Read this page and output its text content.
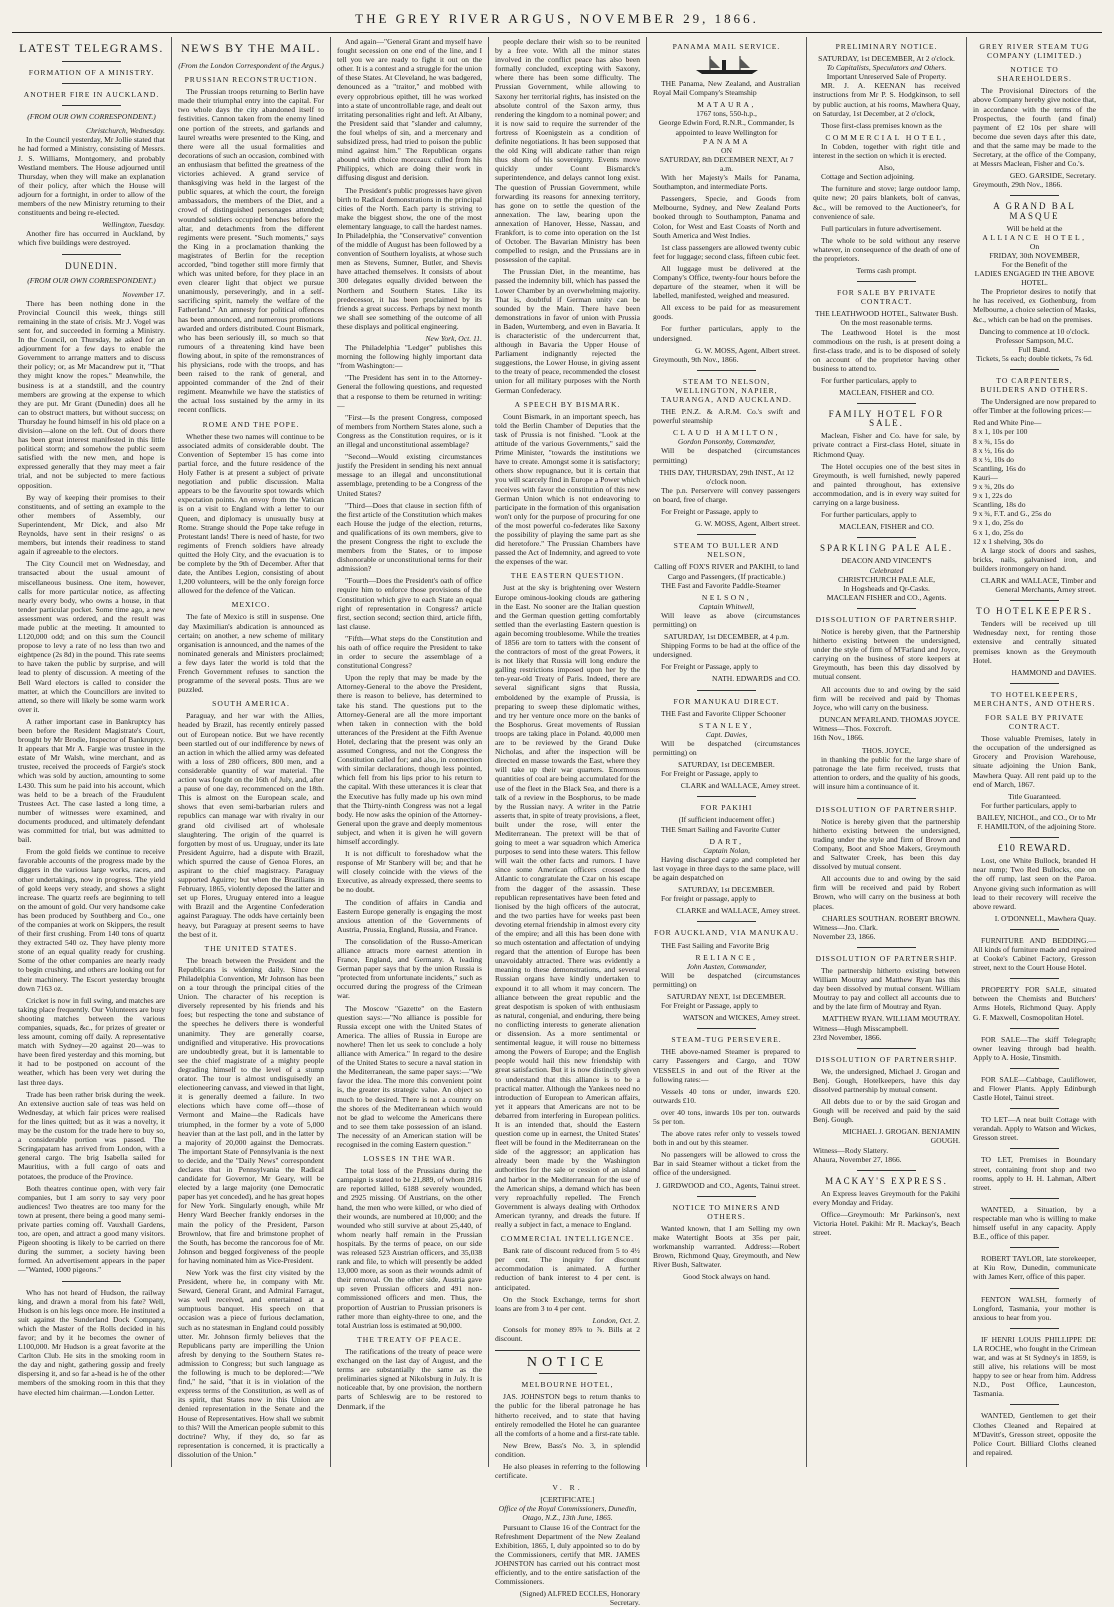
THE GREY RIVER ARGUS, NOVEMBER 29, 1866.
LATEST TELEGRAMS.
FORMATION OF A MINISTRY.
ANOTHER FIRE IN AUCKLAND.
(FROM OUR OWN CORRESPONDENT.)
Christchurch, Wednesday.

In the Council yesterday, Mr Jollie stated that he had formed a Ministry, consisting of Messrs. J. S. Williams, Montgomery, and probably Westland members. The House adjourned until Thursday, when they will make an explanation of their policy, after which the House will adjourn for a fortnight, in order to allow of the members of the new Ministry returning to their constituents and being re-elected.

Wellington, Tuesday.

Another fire has occurred in Auckland, by which five buildings were destroyed.

DUNEDIN.
(FROM OUR OWN CORRESPONDENT.)
November 17.

There has been nothing done in the Provincial Council this week, things still remaining in the state of crisis. Mr J. Vogel was sent for, and succeeded in forming a Ministry. In the Council, on Thursday, he asked for an adjournment for a few days to enable the Government to arrange matters and to discuss their policy; or, as Mr Macandrew put it, "That they might know the ropes." Meanwhile, the business is at a standstill, and the country members are growing at the expense to which they are put. Mr Grant (Dunedin) does all he can to obstruct matters, but without success; on Thursday he found himself in his old place on a division—alone on the left. Out of doors there has been great interest manifested in this little political storm; and somehow the public seem satisfied with the new men, and hope is expressed generally that they may meet a fair trial, and not be subjected to mere factious opposition.

By way of keeping their promises to their constituents, and of setting an example to the other members of Assembly, our Superintendent, Mr Dick, and also Mr Reynolds, have sent in their resigns' o as members, but intends their readiness to stand again if agreeable to the electors.

The City Council met on Wednesday, and transacted about the usual amount of miscellaneous business. One item, however, calls for more particular notice, as affecting nearly every body, who owns a house, in that tender particular pocket. Some time ago, a new assessment was ordered, and the result was made public at the meeting. It amounted to L120,000 odd; and on this sum the Council propose to levy a rate of no less than two and eightpence (2s 8d) in the pound. This rate seems to have taken the public by surprise, and will lead to plenty of discussion. A meeting of the Bell Ward electors is called to consider the matter, at which the Councillors are invited to attend, so there will likely be some warm work over it.

A rather important case in Bankruptcy has been before the Resident Magistrate's Court, brought by Mr Brodie, Inspector of Bankruptcy. It appears that Mr A. Fargie was trustee in the estate of Mr Walsh, wine merchant, and as trustee, received the proceeds of Fargie's stock which was sold by auction, amounting to some L430. This sum he paid into his account, which was held to be a breach of the Fraudulent Trustees Act. The case lasted a long time, a number of witnesses were examined, and documents produced, and ultimately defendant was committed for trial, but was admitted to bail.

From the gold fields we continue to receive favorable accounts of the progress made by the diggers in the various large works, races, and other undertakings, now in progress. The yield of gold keeps very steady, and shows a slight increase. The quartz reefs are beginning to tell on the amount of gold. Our very handsome cake has been produced by Southberg and Co., one of the companies at work on Skippers, the result of their first crushing. From 140 tons of quartz they extracted 540 oz. They have plenty more stone of an equal quality ready for crushing. Some of the other companies are nearly ready to begin crushing, and others are looking out for their machinery. The Escort yesterday brought down 7163 oz.

Cricket is now in full swing, and matches are taking place frequently. Our Volunteers are busy shooting matches between the various companies, squads, &c., for prizes of greater or less amount, coming off daily. A representative match with Sydney—20 against 20—was to have been fired yesterday and this morning, but it had to be postponed on account of the weather, which has been very wet during the last three days.

Trade has been rather brisk during the week. An extensive auction sale of teas was held on Wednesday, at which fair prices were realised for the lines quitted; but as it was a novelty, it may be the custom for the trade here to buy so, a considerable portion was passed. The Scringapatam has arrived from London, with a general cargo. The brig Isabella sailed for Mauritius, with a full cargo of oats and potatoes, the produce of the Province.

Both theatres continue open, with very fair companies, but I am sorry to say very poor audiences! Two theatres are too many for the town at present, there being a good many semi-private parties coming off. Vauxhall Gardens, too, are open, and attract a good many visitors. Pigeon shooting is likely to be carried on there during the summer, a society having been formed. An advertisement appears in the paper—"Wanted, 1000 pigeons."

Who has not heard of Hudson, the railway king, and drawn a moral from his fate? Well, Hudson is on his legs once more. He instituted a suit against the Sunderland Dock Company, which the Master of the Rolls decided in his favor; and by it he becomes the owner of L100,000. Mr Hudson is a great favorite at the Carlton Club. He sits in the smoking room in the day and night, gathering gossip and freely dispersing it, and so far a-head is he of the other members of the smoking room in this that they have elected him chairman.—London Letter.

NEWS BY THE MAIL.
(From the London Correspondent of the Argus.)
PRUSSIAN RECONSTRUCTION.

The Prussian troops returning to Berlin have made their triumphal entry into the capital. For two whole days the city abandoned itself to festivities. Cannon taken from the enemy lined one portion of the streets, and garlands and laurel wreaths were presented to the King, and there were all the usual formalities and decorations of such an occasion, combined with an enthusiasm that befitted the greatness of the victories achieved. A grand service of thanksgiving was held in the largest of the public squares, at which the court, the foreign ambassadors, the members of the Diet, and a crowd of distinguished personages attended; wounded soldiers occupied benches before the altar, and detachments from the different regiments were present. "Such moments," says the King in a proclamation thanking the magistrates of Berlin for the reception accorded, "bind together still more firmly that which was united before, for they place in an even clearer light that object we pursue unanimously, perseveringly, and in a self-sacrificing spirit, namely the welfare of the Fatherland." An amnesty for political offences has been announced, and numerous promotions awarded and orders distributed. Count Bismark, who has been seriously ill, so much so that rumours of a threatening kind have been flowing about, in spite of the remonstrances of his physicians, rode with the troops, and has been raised to the rank of general, and appointed commander of the 2nd of their regiment. Meanwhile we have the statistics of the actual loss sustained by the army in its recent conflicts.

ROME AND THE POPE.

Whether these two names will continue to be associated admits of considerable doubt. The Convention of September 15 has come into partial force, and the future residence of the Holy Father is at present a subject of private negotiation and public discussion. Malta appears to be the favourite spot towards which expectation points. An envoy from the Vatican is on a visit to England with a letter to our Queen, and diplomacy is unusually busy at Rome. Strange should the Pope take refuge in Protestant lands! There is need of haste, for two regiments of French soldiers have already quitted the Holy City, and the evacuation is to be complete by the 9th of December. After that date, the Antibes Legion, consisting of about 1,200 volunteers, will be the only foreign force allowed for the defence of the Vatican.

MEXICO.

The fate of Mexico is still in suspense. One day Maximilian's abdication is announced as certain; on another, a new scheme of military organisation is announced, and the names of the nominated generals and Ministers proclaimed; a few days later the world is told that the French Government refuses to sanction the programme of the several posts. Thus are we puzzled.

SOUTH AMERICA.

Paraguay, and her war with the Allies, headed by Brazil, has recently entirely passed out of European notice. But we have recently been startled out of our indifference by news of an action in which the allied army was defeated with a loss of 280 officers, 800 men, and a considerable quantity of war material. The action was fought on the 16th of July, and, after a pause of one day, recommenced on the 18th. This is almost on the European scale, and shows that even semi-barbarian rulers and republics can manage war with rivalry in our grand old civilised art of wholesale slaughtering. The origin of the quarrel is forgotten by most of us. Uruguay, under its late President Aguirre, had a dispute with Brazil, which spurred the cause of Genoa Flores, an aspirant to the chief magistracy. Paraguay supported Aguirre; but when the Brazilians in February, 1865, violently deposed the latter and set up Flores, Uruguay entered into a league with Brazil and the Argentine Confederation against Paraguay. The odds have certainly been heavy, but Paraguay at present seems to have the best of it.

THE UNITED STATES.

The breach between the President and the Republicans is widening daily. Since the Philadelphia Convention, Mr Johnson has been on a tour through the principal cities of the Union. The character of his reception is diversely represented by his friends and his foes; but respecting the tone and substance of the speeches he delivers there is wonderful unanimity. They are generally coarse, undignified and vituperative. His provocations are undoubtedly great, but it is lamentable to see the chief magistrate of a mighty people degrading himself to the level of a stump orator. The tour is almost undisguisedly an electioneering canvass, and viewed in that light, it is generally deemed a failure. In two elections which have come off—those of Vermont and Maine—the Radicals have triumphed, in the former by a vote of 5,000 heavier than at the last poll, and in the latter by a majority of 20,000 against the Democrats. The important State of Pennsylvania is the next to decide, and the "Daily News" correspondent declares that in Pennsylvania the Radical candidate for Governor, Mr Geary, will be elected by a large majority (one Democratic paper has yet conceded), and he has great hopes for New York. Singularly enough, while Mr Henry Ward Beecher frankly endorses in the main the policy of the President, Parson Brownlow, that fire and brimstone prophet of the South, has become the rancorous foe of Mr. Johnson and begged forgiveness of the people for having nominated him as Vice-President.

New York was the first city visited by the President, where he, in company with Mr. Seward, General Grant, and Admiral Farragut, was well received, and entertained at a sumptuous banquet. His speech on that occasion was a piece of furious declamation, such as no statesman in England could possibly utter. Mr. Johnson firmly believes that the Republicans party are imperilling the Union afresh by denying to the Southern States re-admission to Congress; but such language as the following is much to be deplored:—"We find," he said, "that it is in violation of the express terms of the Constitution, as well as of its spirit, that States now in this Union are denied representation in the Senate and the House of Representatives. How shall we submit to this? Will the American people submit to this doctrine? Why, if they do, so far as representation is concerned, it is practically a dissolution of the Union."

And again—"General Grant and myself have fought secession on one end of the line, and I tell you we are ready to fight it out on the other. It is a contest and a struggle for the union of these States. At Cleveland, he was badgered, denounced as a "traitor," and mobbed with every opprobrious epithet, till he was worked into a state of uncontrollable rage, and dealt out irritating personalities right and left. At Albany, the President said that "slander and calumny, the foul whelps of sin, and a mercenary and subsidized press, had tried to poison the public mind against him." The Republican organs abound with choice morceaux culled from his Philippics, which are doing their work in diffusing disgust and derision.

The President's public progresses have given birth to Radical demonstrations in the principal cities of the North. Each party is striving to make the biggest show, the one of the most elementary language, to call the hardest names. In Philadelphia, the "Conservative" convention of the middle of August has been followed by a convention of Southern loyalists, at whose such men as Stevens, Sumner, Butler, and Shevis have attached themselves. It consists of about 300 delegates equally divided between the Northern and Southern States. Like its predecessor, it has been proclaimed by its friends a great success. Perhaps by next month we shall see something of the outcome of all these displays and political engineering.

New York, Oct. 11.

The Philadelphia "Ledger" publishes this morning the following highly important data "from Washington:—

"The President has sent in to the Attorney-General the following questions, and requested that a response to them be returned in writing:—

"First—Is the present Congress, composed of members from Northern States alone, such a Congress as the Constitution requires, or is it an illegal and unconstitutional assemblage?

"Second—Would existing circumstances justify the President in sending his next annual message to an illegal and unconstitutional assemblage, pretending to be a Congress of the United States?

"Third—Does that clause in section fifth of the first article of the Constitution which makes each House the judge of the election, returns, and qualifications of its own members, give to the present Congress the right to exclude the members from the States, or to impose dishonorable or unconstitutional terms for their admission?

"Fourth—Does the President's oath of office require him to enforce those provisions of the Constitution which give to each State an equal right of representation in Congress? article first, section second; section third, article fifth, last clause.

"Fifth—What steps do the Constitution and his oath of office require the President to take in order to secure the assemblage of a constitutional Congress?

Upon the reply that may be made by the Attorney-General to the above the President, there is reason to believe, has determined to take his stand. The questions put to the Attorney-General are all the more important when taken in connection with the bold utterances of the President at the Fifth Avenue Hotel, declaring that the present was only an assumed Congress, and not the Congress the Constitution called for; and also, in connection with similar declarations, though less pointed, which fell from his lips prior to his return to the capital. With these utterances it is clear that the Executive has fully made up his own mind that the Thirty-ninth Congress was not a legal body. He now asks the opinion of the Attorney-General upon the grave and deeply momentous subject, and when it is given he will govern himself accordingly.

It is not difficult to foreshadow what the response of Mr Stanbery will be; and that he will closely coincide with the views of the Executive, as already expressed, there seems to be no doubt.

The condition of affairs in Candia and Eastern Europe generally is engaging the most anxious attention of the Governments of Austria, Prussia, England, Russia, and France.

The consolidation of the Russo-American alliance attracts more earnest attention in France, England, and Germany. A leading German paper says that by the union Russia is "protected from unfortunate incidents," such as occurred during the progress of the Crimean war.

The Moscow "Gazette" on the Eastern question says:—"No alliance is possible for Russia except one with the United States of America. The allies of Russia in Europe are nowhere! Then let us seek to conclude a holy alliance with America." In regard to the desire of the United States to secure a naval station in the Mediterranean, the same paper says:—"We favor the idea. The more this convenient point is, the greater its strategic value. An object so much to be desired. There is not a country on the shores of the Mediterranean which would not be glad to welcome the Americans there and to see them take possession of an island. The necessity of an American station will be recognised in the coming Eastern question."

LOSSES IN THE WAR.

The total loss of the Prussians during the campaign is stated to be 21,889, of whom 2816 are reported killed, 6188 severely wounded, and 2925 missing. Of Austrians, on the other hand, the men who were killed, or who died of their wounds, are numbered at 10,000; and the wounded who still survive at about 25,440, of whom nearly half remain in the Prussian hospitals. By the terms of peace, on our side was released 523 Austrian officers, and 35,038 rank and file, to which will presently be added 13,000 more, as soon as their wounds admit of their removal. On the other side, Austria gave up seven Prussian officers and 491 non-commissioned officers and men. Thus, the proportion of Austrian to Prussian prisoners is rather more than eighty-three to one, and the total Austrian loss is estimated at 90,000.

THE TREATY OF PEACE.

The ratifications of the treaty of peace were exchanged on the last day of August, and the terms are substantially the same as the preliminaries signed at Nikolsburg in July. It is noticeable that, by one provision, the northern parts of Schleswig are to be restored to Denmark, if the

people declare their wish so to be reunited by a free vote. With all the minor states involved in the conflict peace has also been formally concluded, excepting with Saxony, where there has been some difficulty. The Prussian Government, while allowing to Saxony her territorial rights, has insisted on the absolute control of the Saxon army, thus rendering the kingdom to a nominal power; and it is now said to require the surrender of the fortress of Koenigstein as a condition of definite negotiations. It has been supposed that the old King will abdicate rather than reign thus shorn of his sovereignty. Events move quickly under Count Bismarck's superintendence, and delays cannot long exist. The question of Prussian Government, while forwarding its reasons for annexing territory, has gone on to settle the question of the annexation. The law, bearing upon the annexation of Hanover, Hesse, Nassau, and Frankfort, is to come into operation on the 1st of October. The Bavarian Ministry has been compelled to resign, and the Prussians are in possession of the capital.

The Prussian Diet, in the meantime, has passed the indemnity bill, which has passed the Lower Chamber by an overwhelming majority. That is, doubtful if German unity can be sounded by the Main. There have been demonstrations in favor of union with Prussia in Baden, Wurtemberg, and even in Bavaria. It is characteristic of the undercurrent that, although in Bavaria the Upper House of Parliament indignantly rejected the suggestions, the Lower House, in giving assent to the treaty of peace, recommended the closest union for all military purposes with the North German Confederacy.

A SPEECH BY BISMARK.

Count Bismark, in an important speech, has told the Berlin Chamber of Deputies that the task of Prussia is not finished. "Look at the attitude of the various Governments," said the Prime Minister, "towards the institutions we have to create. Amongst some it is satisfactory; others show repugnance, but it is certain that you will scarcely find in Europe a Power which receives with favor the constitution of this new German Union which is not endeavoring to participate in the formation of this organisation won't only for the purpose of procuring for one of the most powerful co-federates like Saxony the possibility of playing the same part as she did heretofore." The Prussian Chambers have passed the Act of Indemnity, and agreed to vote the expenses of the war.

THE EASTERN QUESTION.

Just at the sky is brightening over Western Europe ominous-looking clouds are gathering in the East. No sooner are the Italian question and the German question getting comfortably settled than the everlasting Eastern question is again becoming troublesome. While the treaties of 1856 are torn to tatters with the consent of the contractors of most of the great Powers, it is not likely that Russia will long endure the galling restrictions imposed upon her by the ten-year-old Treaty of Paris. Indeed, there are several significant signs that Russia, emboldened by the example of Prussia, is preparing to sweep these diplomatic withes, and try her venture once more on the banks of the Bosphorus. Great movements of Russian troops are taking place in Poland. 40,000 men are to be reviewed by the Grand Duke Nicholas, and after the inspection will be directed en masse towards the East, where they will take up their war quarters. Enormous quantities of coal are being accumulated for the use of the fleet in the Black Sea, and there is a talk of a review in the Bosphorus, to be made by the Russian navy. A writer in the Patrie asserts that, in spite of treaty provisions, a fleet, built under the rose, will enter the Mediterranean. The pretext will be that of going to meet a war squadron which America purposes to send into these waters. This fellow will wait the other facts and rumors. I have since some American officers crossed the Atlantic to congratulate the Czar on his escape from the dagger of the assassin. These republican representatives have been feted and lionised by the high officers of the autocrat, and the two parties have for weeks past been devoting eternal friendship in almost every city of the empire; and all this has been done with so much ostentation and affectation of undying regard that the attention of Europe has been unavoidably attracted. There was evidently a meaning to these demonstrations, and several Russian organs have kindly undertaken to expound it to all whom it may concern. The alliance between the great republic and the great despotism is spoken of with enthusiasm as natural, congenial, and enduring, there being no conflicting interests to generate alienation or dissension. As a more sentimental or sentimental league, it will rouse no bitterness among the Powers of Europe; and the English people would hail this new friendship with great satisfaction. But it is now distinctly given to understand that this alliance is to be a practical matter. Although the Yankees need no introduction of European to American affairs, yet it appears that Americans are not to be debarred from interfering in European politics. It is an intended that, should the Eastern question come up in earnest, the United States' fleet will be found in the Mediterranean on the side of the aggressor; an application has already been made by the Washington authorities for the sale or cession of an island and harbor in the Mediterranean for the use of the American ships, a demand which has been very reproachfully repelled. The French Government is always dealing with Orthodox American tyranny, and dreads the future. If really a subject in fact, a menace to England.

COMMERCIAL INTELLIGENCE.

Bank rate of discount reduced from 5 to 4½ per cent. The inquiry for discount accommodation is animated. A further reduction of bank interest to 4 per cent. is anticipated.

On the Stock Exchange, terms for short loans are from 3 to 4 per cent.

London, Oct. 2.

Consols for money 89⅞ to ⅞. Bills at 2 discount.

NOTICE
MELBOURNE HOTEL,

JAS. JOHNSTON begs to return thanks to the public for the liberal patronage he has hitherto received, and to state that having entirely remodelled the Hotel he can guarantee all the comforts of a home and a first-rate table.

New Brew, Bass's No. 3, in splendid condition.

He also pleases in referring to the following certificate.

V. R.
[CERTIFICATE.]
Office of the Royal Commissioners, Dunedin, Otago, N.Z., 13th June, 1865.

Pursuant to Clause 16 of the Contract for the Refreshment Department of the New Zealand Exhibition, 1865, I, duly appointed so to do by the Commissioners, certify that MR. JAMES JOHNSTON has carried out his contract most efficiently, and to the entire satisfaction of the Commissioners.

(Signed) ALFRED ECCLES, Honorary Secretary.
PANAMA MAIL SERVICE.

THE Panama, New Zealand, and Australian Royal Mail Company's Steamship

MATAURA,
1767 tons, 550-h.p.,
George Edwin Ford, R.N.R., Commander, Is appointed to leave Wellington for
PANAMA
ON
SATURDAY, 8th DECEMBER NEXT, At 7 a.m.

With her Majesty's Mails for Panama, Southampton, and intermediate Ports.

Passengers, Specie, and Goods from Melbourne, Sydney, and New Zealand Ports booked through to Southampton, Panama and Colon, for West and East Coasts of North and South America and West Indies.

1st class passengers are allowed twenty cubic feet for luggage; second class, fifteen cubic feet.

All luggage must be delivered at the Company's Office, twenty-four hours before the departure of the steamer, when it will be labelled, manifested, weighed and measured.

All excess to be paid for as measurement goods.

For further particulars, apply to the undersigned.

G. W. MOSS, Agent, Albert street.
Greymouth, 9th Nov., 1866.
STEAM TO NELSON, WELLINGTON, NAPIER, TAURANGA, AND AUCKLAND.

THE P.N.Z. & A.R.M. Co.'s swift and powerful steamship

CLAUD HAMILTON,
Gordon Ponsonby, Commander,

Will be despatched (circumstances permitting)

THIS DAY, THURSDAY, 29th INST., At 12 o'clock noon.

The p.n. Perservere will convey passengers on board, free of charge.

For Freight or Passage, apply to

G. W. MOSS, Agent, Albert street.
STEAM TO BULLER AND NELSON,
Calling off FOX'S RIVER and PAKIHI, to land Cargo and Passengers, (If practicable.)

THE Fast and Favorite Paddle-Steamer

NELSON,
Captain Whitwell,

Will leave as above (circumstances permitting) on

SATURDAY, 1st DECEMBER, at 4 p.m.

Shipping Forms to be had at the office of the undersigned.

For Freight or Passage, apply to

NATH. EDWARDS and CO.
FOR MANUKAU DIRECT.

THE Fast and Favorite Clipper Schooner

STANLEY,
Capt. Davies,

Will be despatched (circumstances permitting) on

SATURDAY, 1st DECEMBER.

For Freight or Passage, apply to

CLARK and WALLACE, Arney street.
FOR PAKIHI
(If sufficient inducement offer.)

THE Smart Sailing and Favorite Cutter

DART,
Captain Nolan,

Having discharged cargo and completed her last voyage in three days to the same place, will be again despatched on

SATURDAY, 1st DECEMBER.

For freight or passage, apply to

CLARKE and WALLACE, Arney street.
FOR AUCKLAND, VIA MANUKAU.

THE Fast Sailing and Favorite Brig

RELIANCE,
John Austen, Commander,

Will be despatched (circumstances permitting) on

SATURDAY NEXT, 1st DECEMBER.

For Freight or Passage, apply to

WATSON and WICKES, Arney street.
STEAM-TUG PERSEVERE.

THE above-named Steamer is prepared to carry Passengers and Cargo, and TOW VESSELS in and out of the River at the following rates:—

Vessels 40 tons or under, inwards £20. outwards £10.

over 40 tons, inwards 10s per ton. outwards 5s per ton.

The above rates refer only to vessels towed both in and out by this steamer.

No passengers will be allowed to cross the Bar in said Steamer without a ticket from the office of the undersigned.

J. GIRDWOOD and CO., Agents, Tainui street.
NOTICE TO MINERS AND OTHERS.

Wanted known, that I am Selling my own make Watertight Boots at 35s per pair, workmanship warranted. Address:—Robert Brown, Richmond Quay, Greymouth, and New River Bush, Saltwater.

Good Stock always on hand.
PRELIMINARY NOTICE.
SATURDAY, 1st DECEMBER, At 2 o'clock.
To Capitalists, Speculators and Others.
Important Unreserved Sale of Property.

MR. J. A. KEENAN has received instructions from Mr P. S. Hodgkinson, to sell by public auction, at his rooms, Mawhera Quay, on Saturday, 1st December, at 2 o'clock,

Those first-class premises known as the

COMMERCIAL HOTEL,

In Cobden, together with right title and interest in the section on which it is erected.

Also,

Cottage and Section adjoining.

The furniture and stove; large outdoor lamp, quite new; 20 pairs blankets, bolt of canvas, &c., will be removed to the Auctioneer's, for convenience of sale.

Full particulars in future advertisement.

The whole to be sold without any reserve whatever, in consequence of the death of one of the proprietors.

Terms cash prompt.
FOR SALE BY PRIVATE CONTRACT.
THE LEATHWOOD HOTEL, Saltwater Bush.
On the most reasonable terms.

The Leathwood Hotel is the most commodious on the rush, is at present doing a first-class trade, and is to be disposed of solely on account of the proprietor having other business to attend to.

For further particulars, apply to

MACLEAN, FISHER and CO.
FAMILY HOTEL FOR SALE.

Maclean, Fisher and Co. have for sale, by private contract a First-class Hotel, situate in Richmond Quay.

The Hotel occupies one of the best sites in Greymouth, is well furnished, newly papered and painted throughout, has extensive accommodation, and is in every way suited for carrying on a large business.

For further particulars, apply to

MACLEAN, FISHER and CO.
SPARKLING PALE ALE.
DEACON AND VINCENT'S
Celebrated
CHRISTCHURCH PALE ALE,
In Hogsheads and Qr-Casks.
MACLEAN FISHER and CO., Agents.
DISSOLUTION OF PARTNERSHIP.

Notice is hereby given, that the Partnership hitherto existing between the undersigned, under the style of firm of M'Farland and Joyce, carrying on the business of store keepers at Greymouth, has been this day dissolved by mutual consent.

All accounts due to and owing by the said firm will be received and paid by Thomas Joyce, who will carry on the business.

DUNCAN M'FARLAND. THOMAS JOYCE.
Witness—Thos. Foxcroft.
16th Nov., 1866.
THOS. JOYCE,

in thanking the public for the large share of patronage the late firm received, trusts that attention to orders, and the quality of his goods, will insure him a continuance of it.

DISSOLUTION OF PARTNERSHIP.

Notice is hereby given that the partnership hitherto existing between the undersigned, trading under the style and firm of Brown and Company, Boot and Shoe Makers, Greymouth and Saltwater Creek, has been this day dissolved by mutual consent.

All accounts due to and owing by the said firm will be received and paid by Robert Brown, who will carry on the business at both places.

CHARLES SOUTHAN. ROBERT BROWN.
Witness—Jno. Clark.
November 23, 1866.
DISSOLUTION OF PARTNERSHIP.

The partnership hitherto existing between William Moutray and Matthew Ryan has this day been dissolved by mutual consent. William Moutray to pay and collect all accounts due to and by the late firm of Moutray and Ryan.

MATTHEW RYAN. WILLIAM MOUTRAY.
Witness—Hugh Misscampbell.
23rd November, 1866.
DISSOLUTION OF PARTNERSHIP.

We, the undersigned, Michael J. Grogan and Benj. Gough, Hotelkeepers, have this day dissolved partnership by mutual consent.

All debts due to or by the said Grogan and Gough will be received and paid by the said Benj. Gough.

MICHAEL J. GROGAN. BENJAMIN GOUGH.
Witness—Rody Slattery.
Ahaura, November 27, 1866.
MACKAY'S EXPRESS.

An Express leaves Greymouth for the Pakihi every Monday and Friday.

Office—Greymouth: Mr Parkinson's, next Victoria Hotel. Pakihi: Mr R. Mackay's, Beach street.

GREY RIVER STEAM TUG COMPANY (LIMITED.)
NOTICE TO SHAREHOLDERS.

The Provisional Directors of the above Company hereby give notice that, in accordance with the terms of the Prospectus, the fourth (and final) payment of £2 10s per share will become due seven days after this date, and that the same may be made to the Secretary, at the office of the Company, at Messrs Maclean, Fisher and Co.'s.

GEO. GARSIDE, Secretary.
Greymouth, 29th Nov., 1866.
A GRAND BAL MASQUE
Will be held at the
ALLIANCE HOTEL,
On
FRIDAY, 30th NOVEMBER,
For the Benefit of the
LADIES ENGAGED IN THE ABOVE HOTEL.

The Proprietor desires to notify that he has received, ex Gothenburg, from Melbourne, a choice selection of Masks, &c., which can be had on the premises.

Dancing to commence at 10 o'clock.
Professor Sampson, M.C.
Full Band.
Tickets, 5s each; double tickets, 7s 6d.
TO CARPENTERS, BUILDERS AND OTHERS.

The Undersigned are now prepared to offer Timber at the following prices:—

Red and White Pine—
8 x 1, 10s per 100
8 x ¾, 15s do
8 x ½, 16s do
8 x ½, 10s do
Scantling, 16s do
Kauri—
9 x ¾, 20s do
9 x 1, 22s do
Scantling, 18s do
9 x ¾, F.T. and G., 25s do
9 x 1, do, 25s do
6 x 1, do, 25s do
12 x 1 shelving, 30s do

A large stock of doors and sashes, bricks, nails, galvanised iron, and builders ironmongery on hand.

CLARK and WALLACE, Timber and General Merchants, Arney street.
TO HOTELKEEPERS.

Tenders will be received up till Wednesday next, for renting those extensive and centrally situated premises known as the Greymouth Hotel.

HAMMOND and DAVIES.
TO HOTELKEEPERS, MERCHANTS, AND OTHERS.
FOR SALE BY PRIVATE CONTRACT.

Those valuable Premises, lately in the occupation of the undersigned as Grocery and Provision Warehouse, situate adjoining the Union Bank, Mawhera Quay. All rent paid up to the end of March, 1867.

Title Guaranteed.

For further particulars, apply to

BAILEY, NICHOL, and CO., Or to Mr F. HAMILTON, of the adjoining Store.
£10 REWARD.

Lost, one White Bullock, branded H near rump; Two Red Bullocks, one on the off rump, last seen on the Paroa. Anyone giving such information as will lead to their recovery will receive the above reward.

I. O'DONNELL, Mawhera Quay.

FURNITURE AND BEDDING.—All kinds of furniture made and repaired at Cooke's Cabinet Factory, Gresson street, next to the Court House Hotel.

PROPERTY FOR SALE, situated between the Chemists and Butchers' Arms Hotels, Richmond Quay. Apply G. F. Maxwell, Cosmopolitan Hotel.

FOR SALE—The skiff Telegraph; owner leaving through bad health. Apply to A. Hosie, Tinsmith.

FOR SALE—Cabbage, Cauliflower, and Flower Plants. Apply Edinburgh Castle Hotel, Tainui street.

TO LET—A neat built Cottage with verandah. Apply to Watson and Wickes, Gresson street.

TO LET, Premises in Boundary street, containing front shop and two rooms, apply to H. H. Lahman, Albert street.

WANTED, a Situation, by a respectable man who is willing to make himself useful in any capacity. Apply B.E., office of this paper.

ROBERT TAYLOR, late storekeeper, at Kiu Row, Dunedin, communicate with James Kerr, office of this paper.

FENTON WALSH, formerly of Longford, Tasmania, your mother is anxious to hear from you.

IF HENRI LOUIS PHILLIPPE DE LA ROCHE, who fought in the Crimean war, and was at St Sydney's in 1859, is still alive, his relations will be most happy to see or hear from him. Address N.D., Post Office, Launceston, Tasmania.

WANTED, Gentlemen to get their Clothes Cleaned and Repaired at M'Davitt's, Gresson street, opposite the Police Court. Billiard Cloths cleaned and repaired.
